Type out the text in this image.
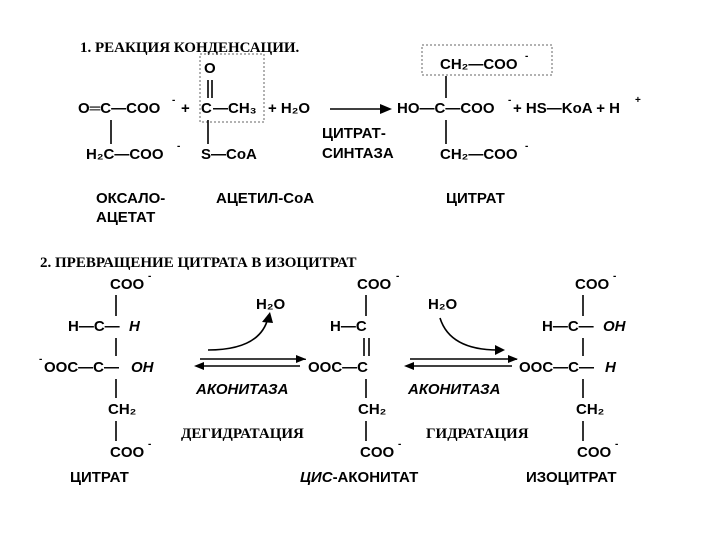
1. РЕАКЦИЯ КОНДЕНСАЦИИ.
O═C—COO -
H₂C—COO -
ОКСАЛО-
АЦЕТАТ
+
O
C —CH₃
S—CoA
АЦЕТИЛ-CoA
+ H₂O
ЦИТРАТ-
СИНТАЗА
CH₂—COO -
HO—C—COO -
CH₂—COO -
ЦИТРАТ
+ HS—KoA + H +
2. ПРЕВРАЩЕНИЕ ЦИТРАТА В ИЗОЦИТРАТ
COO -
H—C— H
- OOC—C— OH
CH₂
COO -
ЦИТРАТ
H₂O
АКОНИТАЗА
ДЕГИДРАТАЦИЯ
COO -
H—C
- OOC—C
CH₂
COO -
ЦИС-АКОНИТАТ
H₂O
АКОНИТАЗА
ГИДРАТАЦИЯ
COO -
H—C— OH
- OOC—C— H
CH₂
COO -
ИЗОЦИТРАТ
